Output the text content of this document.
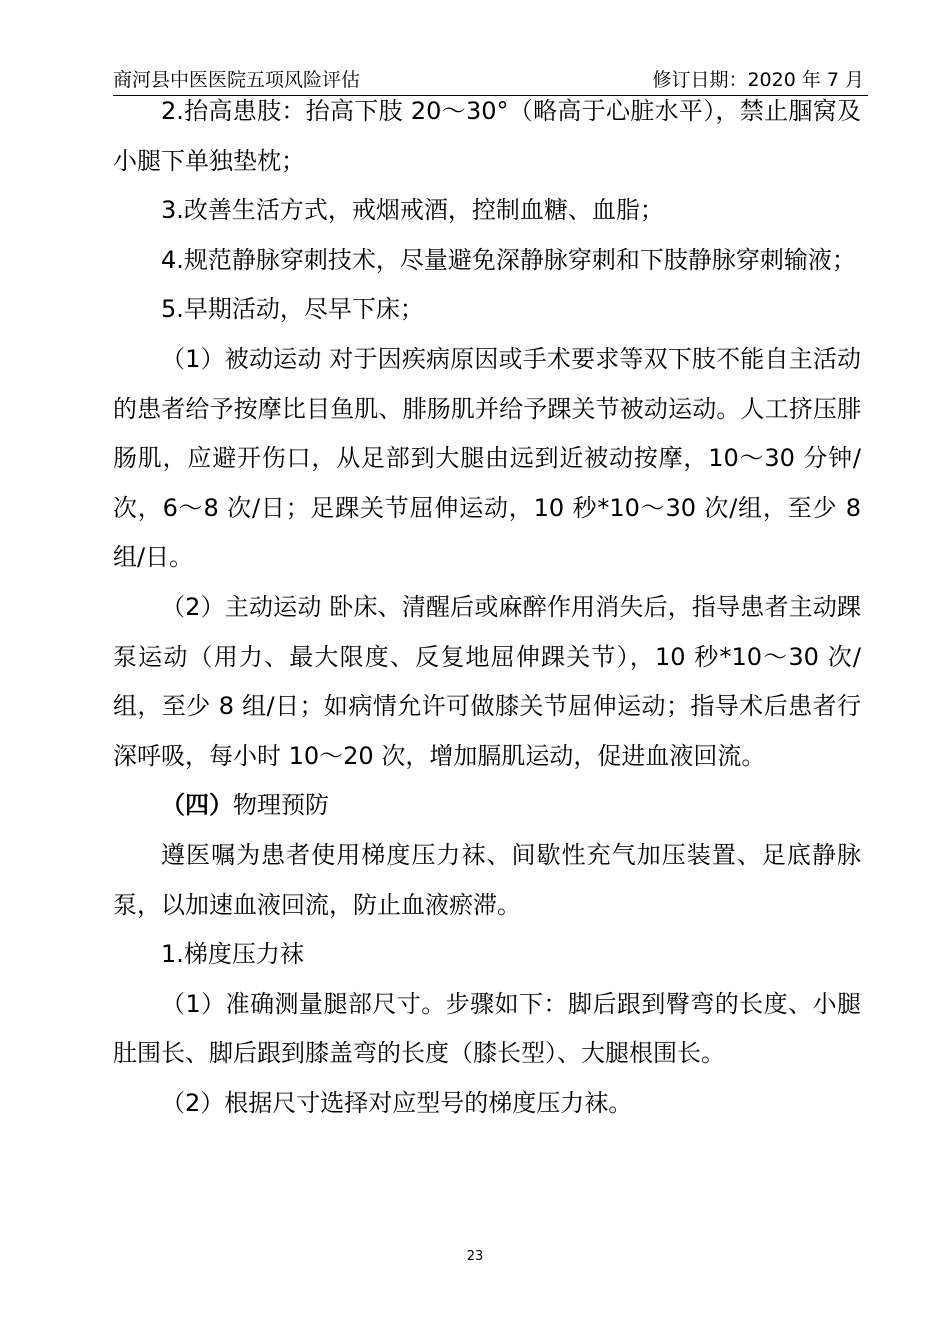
商河县中医医院五项风险评估	修订日期：2020 年 7 月

2.抬高患肢：抬高下肢 20～30°（略高于心脏水平），禁止腘窝及小腿下单独垫枕；

3.改善生活方式，戒烟戒酒，控制血糖、血脂；

4.规范静脉穿刺技术，尽量避免深静脉穿刺和下肢静脉穿刺输液；

5.早期活动，尽早下床；

（1）被动运动 对于因疾病原因或手术要求等双下肢不能自主活动的患者给予按摩比目鱼肌、腓肠肌并给予踝关节被动运动。人工挤压腓肠肌，应避开伤口，从足部到大腿由远到近被动按摩，10～30 分钟/次，6～8 次/日；足踝关节屈伸运动，10 秒*10～30 次/组，至少 8 组/日。

（2）主动运动 卧床、清醒后或麻醉作用消失后，指导患者主动踝泵运动（用力、最大限度、反复地屈伸踝关节），10 秒*10～30 次/组，至少 8 组/日；如病情允许可做膝关节屈伸运动；指导术后患者行深呼吸，每小时 10～20 次，增加膈肌运动，促进血液回流。

（四）物理预防

遵医嘱为患者使用梯度压力袜、间歇性充气加压装置、足底静脉泵，以加速血液回流，防止血液瘀滞。

1.梯度压力袜

（1）准确测量腿部尺寸。步骤如下：脚后跟到臀弯的长度、小腿肚围长、脚后跟到膝盖弯的长度（膝长型）、大腿根围长。

（2）根据尺寸选择对应型号的梯度压力袜。

23
